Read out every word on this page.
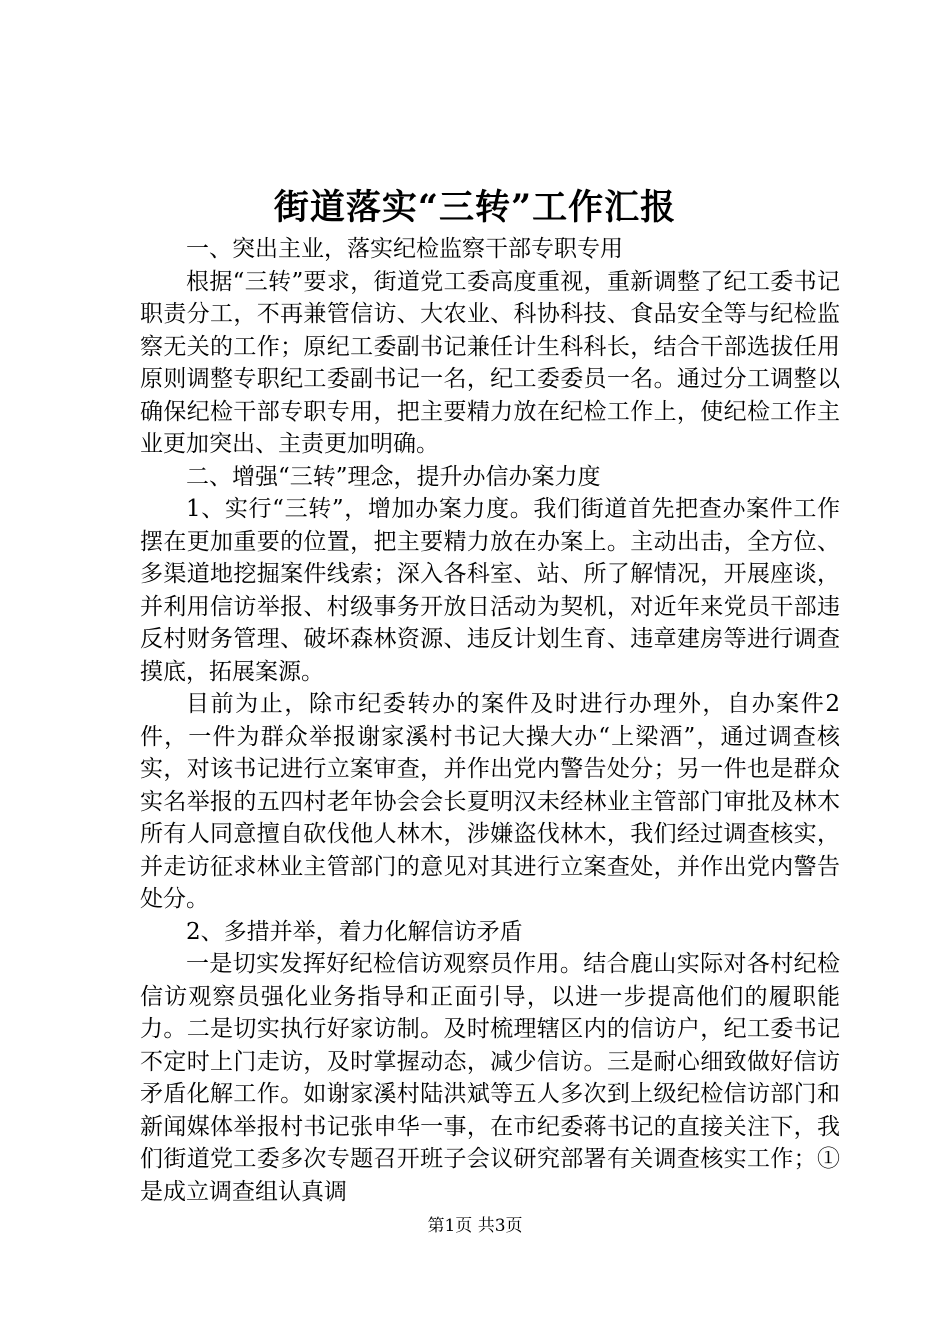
街道落实“三转”工作汇报

一、突出主业，落实纪检监察干部专职专用

根据“三转”要求，街道党工委高度重视，重新调整了纪工委书记职责分工，不再兼管信访、大农业、科协科技、食品安全等与纪检监察无关的工作；原纪工委副书记兼任计生科科长，结合干部选拔任用原则调整专职纪工委副书记一名，纪工委委员一名。通过分工调整以确保纪检干部专职专用，把主要精力放在纪检工作上，使纪检工作主业更加突出、主责更加明确。

二、增强“三转”理念，提升办信办案力度

1、实行“三转”，增加办案力度。我们街道首先把查办案件工作摆在更加重要的位置，把主要精力放在办案上。主动出击，全方位、多渠道地挖掘案件线索；深入各科室、站、所了解情况，开展座谈，并利用信访举报、村级事务开放日活动为契机，对近年来党员干部违反村财务管理、破坏森林资源、违反计划生育、违章建房等进行调查摸底，拓展案源。

目前为止，除市纪委转办的案件及时进行办理外，自办案件2件，一件为群众举报谢家溪村书记大操大办“上梁酒”，通过调查核实，对该书记进行立案审查，并作出党内警告处分；另一件也是群众实名举报的五四村老年协会会长夏明汉未经林业主管部门审批及林木所有人同意擅自砍伐他人林木，涉嫌盗伐林木，我们经过调查核实，并走访征求林业主管部门的意见对其进行立案查处，并作出党内警告处分。

2、多措并举，着力化解信访矛盾

一是切实发挥好纪检信访观察员作用。结合鹿山实际对各村纪检信访观察员强化业务指导和正面引导，以进一步提高他们的履职能力。二是切实执行好家访制。及时梳理辖区内的信访户，纪工委书记不定时上门走访，及时掌握动态，减少信访。三是耐心细致做好信访矛盾化解工作。如谢家溪村陆洪斌等五人多次到上级纪检信访部门和新闻媒体举报村书记张申华一事，在市纪委蒋书记的直接关注下，我们街道党工委多次专题召开班子会议研究部署有关调查核实工作；①是成立调查组认真调

第1页 共3页
